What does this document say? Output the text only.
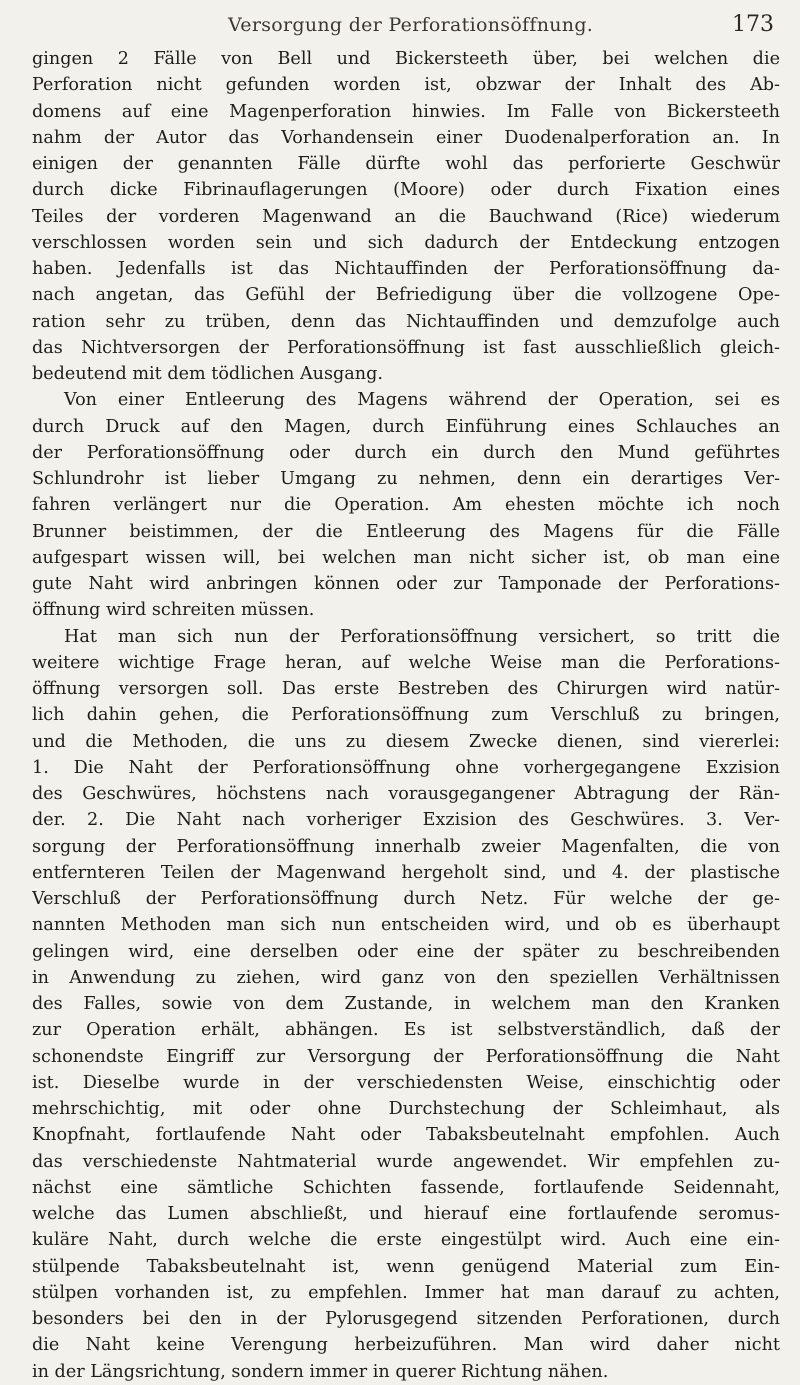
Versorgung der Perforationsöffnung.	173
gingen 2 Fälle von Bell und Bickersteeth über, bei welchen die
Perforation nicht gefunden worden ist, obzwar der Inhalt des Ab-
domens auf eine Magenperforation hinwies. Im Falle von Bickersteeth
nahm der Autor das Vorhandensein einer Duodenalperforation an. In
einigen der genannten Fälle dürfte wohl das perforierte Geschwür
durch dicke Fibrinauflagerungen (Moore) oder durch Fixation eines
Teiles der vorderen Magenwand an die Bauchwand (Rice) wiederum
verschlossen worden sein und sich dadurch der Entdeckung entzogen
haben. Jedenfalls ist das Nichtauffinden der Perforationsöffnung da-
nach angetan, das Gefühl der Befriedigung über die vollzogene Ope-
ration sehr zu trüben, denn das Nichtauffinden und demzufolge auch
das Nichtversorgen der Perforationsöffnung ist fast ausschließlich gleich-
bedeutend mit dem tödlichen Ausgang.
Von einer Entleerung des Magens während der Operation, sei es
durch Druck auf den Magen, durch Einführung eines Schlauches an
der Perforationsöffnung oder durch ein durch den Mund geführtes
Schlundrohr ist lieber Umgang zu nehmen, denn ein derartiges Ver-
fahren verlängert nur die Operation. Am ehesten möchte ich noch
Brunner beistimmen, der die Entleerung des Magens für die Fälle
aufgespart wissen will, bei welchen man nicht sicher ist, ob man eine
gute Naht wird anbringen können oder zur Tamponade der Perforations-
öffnung wird schreiten müssen.
Hat man sich nun der Perforationsöffnung versichert, so tritt die
weitere wichtige Frage heran, auf welche Weise man die Perforations-
öffnung versorgen soll. Das erste Bestreben des Chirurgen wird natür-
lich dahin gehen, die Perforationsöffnung zum Verschluß zu bringen,
und die Methoden, die uns zu diesem Zwecke dienen, sind viererlei:
1. Die Naht der Perforationsöffnung ohne vorhergegangene Exzision
des Geschwüres, höchstens nach vorausgegangener Abtragung der Rän-
der. 2. Die Naht nach vorheriger Exzision des Geschwüres. 3. Ver-
sorgung der Perforationsöffnung innerhalb zweier Magenfalten, die von
entfernteren Teilen der Magenwand hergeholt sind, und 4. der plastische
Verschluß der Perforationsöffnung durch Netz. Für welche der ge-
nannten Methoden man sich nun entscheiden wird, und ob es überhaupt
gelingen wird, eine derselben oder eine der später zu beschreibenden
in Anwendung zu ziehen, wird ganz von den speziellen Verhältnissen
des Falles, sowie von dem Zustande, in welchem man den Kranken
zur Operation erhält, abhängen. Es ist selbstverständlich, daß der
schonendste Eingriff zur Versorgung der Perforationsöffnung die Naht
ist. Dieselbe wurde in der verschiedensten Weise, einschichtig oder
mehrschichtig, mit oder ohne Durchstechung der Schleimhaut, als
Knopfnaht, fortlaufende Naht oder Tabaksbeutelnaht empfohlen. Auch
das verschiedenste Nahtmaterial wurde angewendet. Wir empfehlen zu-
nächst eine sämtliche Schichten fassende, fortlaufende Seidennaht,
welche das Lumen abschließt, und hierauf eine fortlaufende seromus-
kuläre Naht, durch welche die erste eingestülpt wird. Auch eine ein-
stülpende Tabaksbeutelnaht ist, wenn genügend Material zum Ein-
stülpen vorhanden ist, zu empfehlen. Immer hat man darauf zu achten,
besonders bei den in der Pylorusgegend sitzenden Perforationen, durch
die Naht keine Verengung herbeizuführen. Man wird daher nicht
in der Längsrichtung, sondern immer in querer Richtung nähen.
